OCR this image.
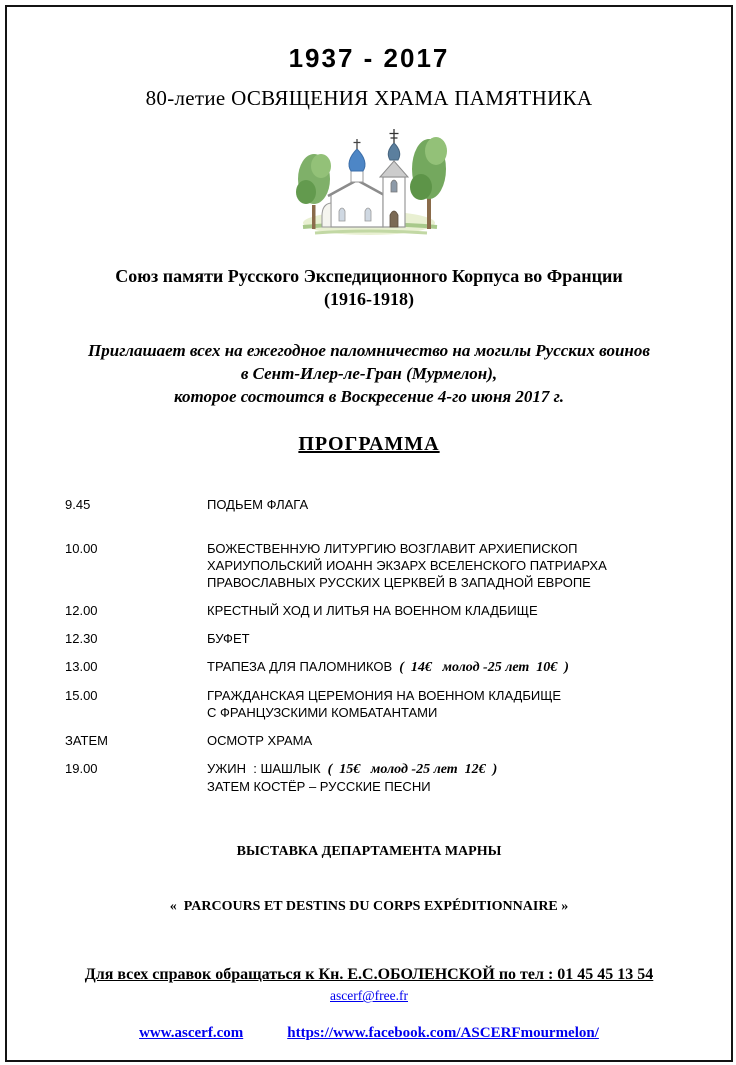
1937 - 2017
80-летие ОСВЯЩЕНИЯ ХРАМА ПАМЯТНИКА
Союз памяти Русского Экспедиционного Корпуса во Франции
(1916-1918)
Приглашает всех на ежегодное паломничество на могилы Русских воинов
в Сент-Илер-ле-Гран (Мурмелон),
которое состоится в Воскресение 4-го июня 2017 г.
ПРОГРАММА
9.45	ПОДЬЕМ ФЛАГА
10.00	БОЖЕСТВЕННУЮ ЛИТУРГИЮ ВОЗГЛАВИТ АРХИЕПИСКОП
ХАРИУПОЛЬСКИЙ ИОАНН ЭКЗАРХ ВСЕЛЕНСКОГО ПАТРИАРХА
ПРАВОСЛАВНЫХ РУССКИХ ЦЕРКВЕЙ В ЗАПАДНОЙ ЕВРОПЕ
12.00	КРЕСТНЫЙ ХОД И ЛИТЬЯ НА ВОЕННОМ КЛАДБИЩЕ
12.30	БУФЕТ
13.00	ТРАПЕЗА ДЛЯ ПАЛОМНИКОВ  (  14€   молод -25 лет  10€  )
15.00	ГРАЖДАНСКАЯ ЦЕРЕМОНИЯ НА ВОЕННОМ КЛАДБИЩЕ
С ФРАНЦУЗСКИМИ КОМБАТАНТАМИ
ЗАТЕМ	ОСМОТР ХРАМА
19.00	УЖИН  : ШАШЛЫК  (  15€   молод -25 лет  12€  )
ЗАТЕМ КОСТЁР – РУССКИЕ ПЕСНИ

ВЫСТАВКА ДЕПАРТАМЕНТА МАРНЫ

«  PARCOURS ET DESTINS DU CORPS EXPÉDITIONNAIRE »

Для всех справок обращаться к Кн. Е.С.ОБОЛЕНСКОЙ по тел : 01 45 45 13 54
ascerf@free.fr
www.ascerf.com	https://www.facebook.com/ASCERFmourmelon/
